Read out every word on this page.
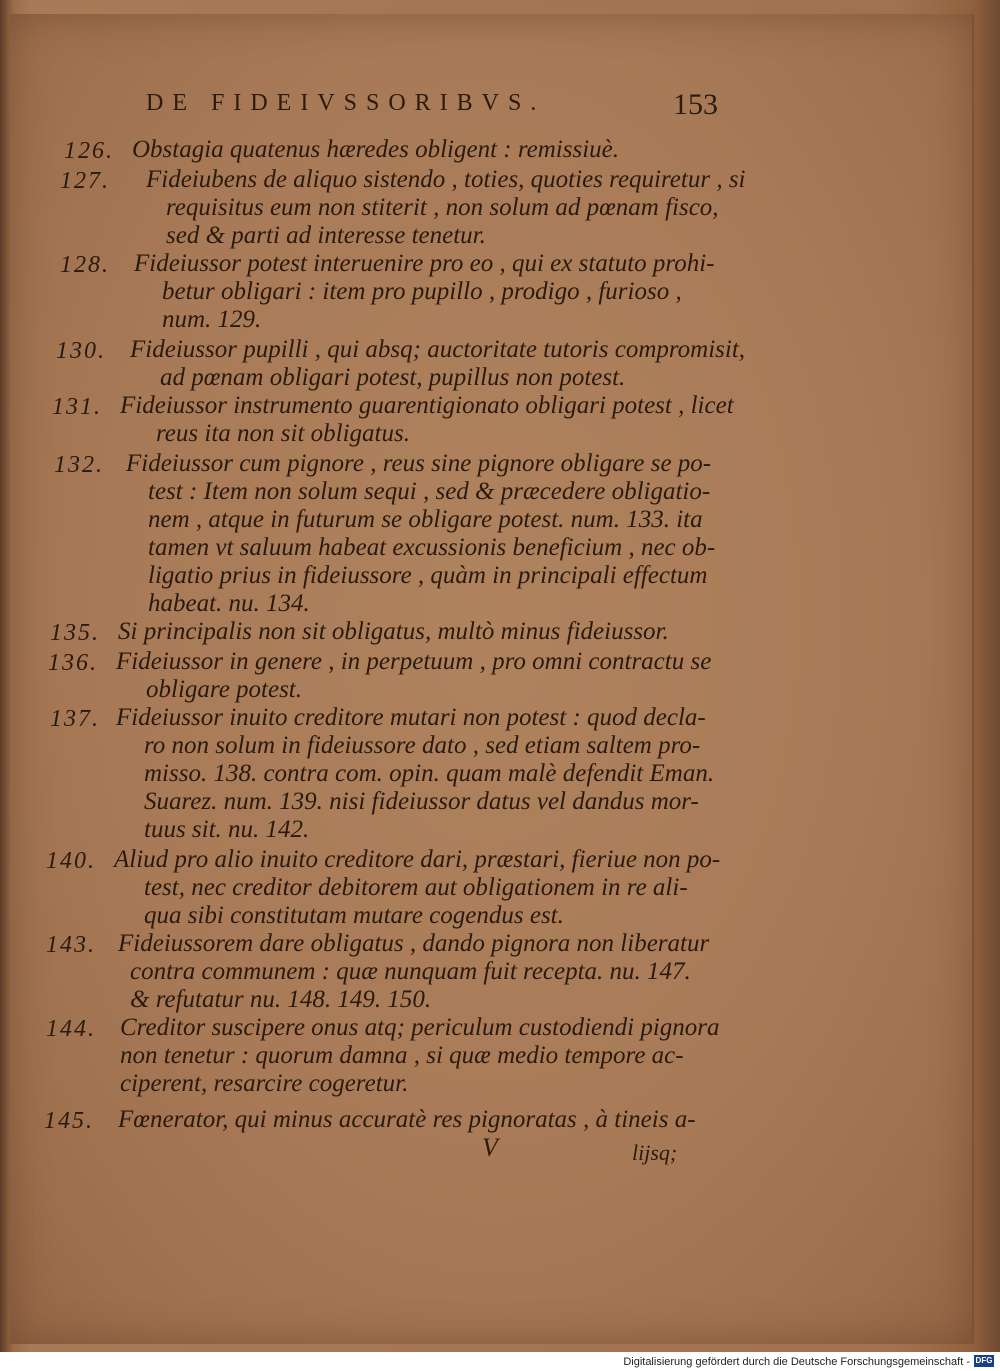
DE FIDEIVSSORIBVS.	153
126. Obstagia quatenus hæredes obligent : remissiuè.
127. Fideiubens de aliquo sistendo , toties, quoties requiretur , si
requisitus eum non stiterit , non solum ad pœnam fisco,
sed & parti ad interesse tenetur.
128. Fideiussor potest interuenire pro eo , qui ex statuto prohi-
betur obligari : item pro pupillo , prodigo , furioso ,
num. 129.
130. Fideiussor pupilli , qui absq; auctoritate tutoris compromisit,
ad pœnam obligari potest, pupillus non potest.
131. Fideiussor instrumento guarentigionato obligari potest , licet
reus ita non sit obligatus.
132. Fideiussor cum pignore , reus sine pignore obligare se po-
test : Item non solum sequi , sed & præcedere obligatio-
nem , atque in futurum se obligare potest. num. 133. ita
tamen vt saluum habeat excussionis beneficium , nec ob-
ligatio prius in fideiussore , quàm in principali effectum
habeat. nu. 134.
135. Si principalis non sit obligatus, multò minus fideiussor.
136. Fideiussor in genere , in perpetuum , pro omni contractu se
obligare potest.
137. Fideiussor inuito creditore mutari non potest : quod decla-
ro non solum in fideiussore dato , sed etiam saltem pro-
misso. 138. contra com. opin. quam malè defendit Eman.
Suarez. num. 139. nisi fideiussor datus vel dandus mor-
tuus sit. nu. 142.
140. Aliud pro alio inuito creditore dari, præstari, fieriue non po-
test, nec creditor debitorem aut obligationem in re ali-
qua sibi constitutam mutare cogendus est.
143. Fideiussorem dare obligatus , dando pignora non liberatur
contra communem : quæ nunquam fuit recepta. nu. 147.
& refutatur nu. 148. 149. 150.
144. Creditor suscipere onus atq; periculum custodiendi pignora
non tenetur : quorum damna , si quæ medio tempore ac-
ciperent, resarcire cogeretur.
145. Fœnerator, qui minus accuratè res pignoratas , à tineis a-
V	lijsq;
Digitalisierung gefördert durch die Deutsche Forschungsgemeinschaft - DFG
